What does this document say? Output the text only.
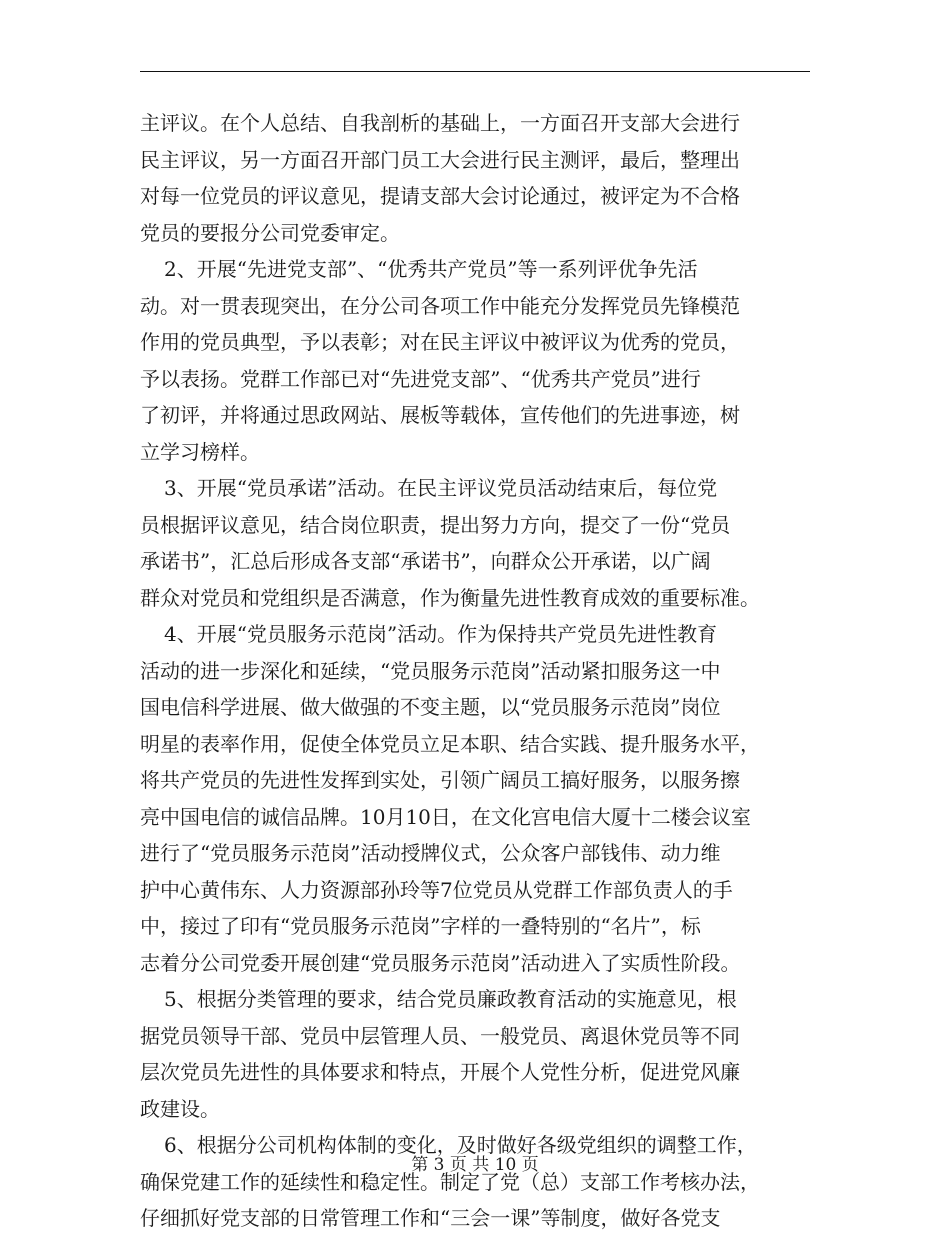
主评议。在个人总结、自我剖析的基础上，一方面召开支部大会进行
民主评议，另一方面召开部门员工大会进行民主测评，最后，整理出
对每一位党员的评议意见，提请支部大会讨论通过，被评定为不合格
党员的要报分公司党委审定。
2、开展“先进党支部”、“优秀共产党员”等一系列评优争先活
动。对一贯表现突出，在分公司各项工作中能充分发挥党员先锋模范
作用的党员典型，予以表彰；对在民主评议中被评议为优秀的党员，
予以表扬。党群工作部已对“先进党支部”、“优秀共产党员”进行
了初评，并将通过思政网站、展板等载体，宣传他们的先进事迹，树
立学习榜样。
3、开展“党员承诺”活动。在民主评议党员活动结束后，每位党
员根据评议意见，结合岗位职责，提出努力方向，提交了一份“党员
承诺书”，汇总后形成各支部“承诺书”，向群众公开承诺，以广阔
群众对党员和党组织是否满意，作为衡量先进性教育成效的重要标准。
4、开展“党员服务示范岗”活动。作为保持共产党员先进性教育
活动的进一步深化和延续，“党员服务示范岗”活动紧扣服务这一中
国电信科学进展、做大做强的不变主题，以“党员服务示范岗”岗位
明星的表率作用，促使全体党员立足本职、结合实践、提升服务水平，
将共产党员的先进性发挥到实处，引领广阔员工搞好服务，以服务擦
亮中国电信的诚信品牌。10月10日，在文化宫电信大厦十二楼会议室
进行了“党员服务示范岗”活动授牌仪式，公众客户部钱伟、动力维
护中心黄伟东、人力资源部孙玲等7位党员从党群工作部负责人的手
中，接过了印有“党员服务示范岗”字样的一叠特别的“名片”，标
志着分公司党委开展创建“党员服务示范岗”活动进入了实质性阶段。
5、根据分类管理的要求，结合党员廉政教育活动的实施意见，根
据党员领导干部、党员中层管理人员、一般党员、离退休党员等不同
层次党员先进性的具体要求和特点，开展个人党性分析，促进党风廉
政建设。
6、根据分公司机构体制的变化，及时做好各级党组织的调整工作，
确保党建工作的延续性和稳定性。制定了党（总）支部工作考核办法，
仔细抓好党支部的日常管理工作和“三会一课”等制度，做好各党支
第 3 页 共 10 页
